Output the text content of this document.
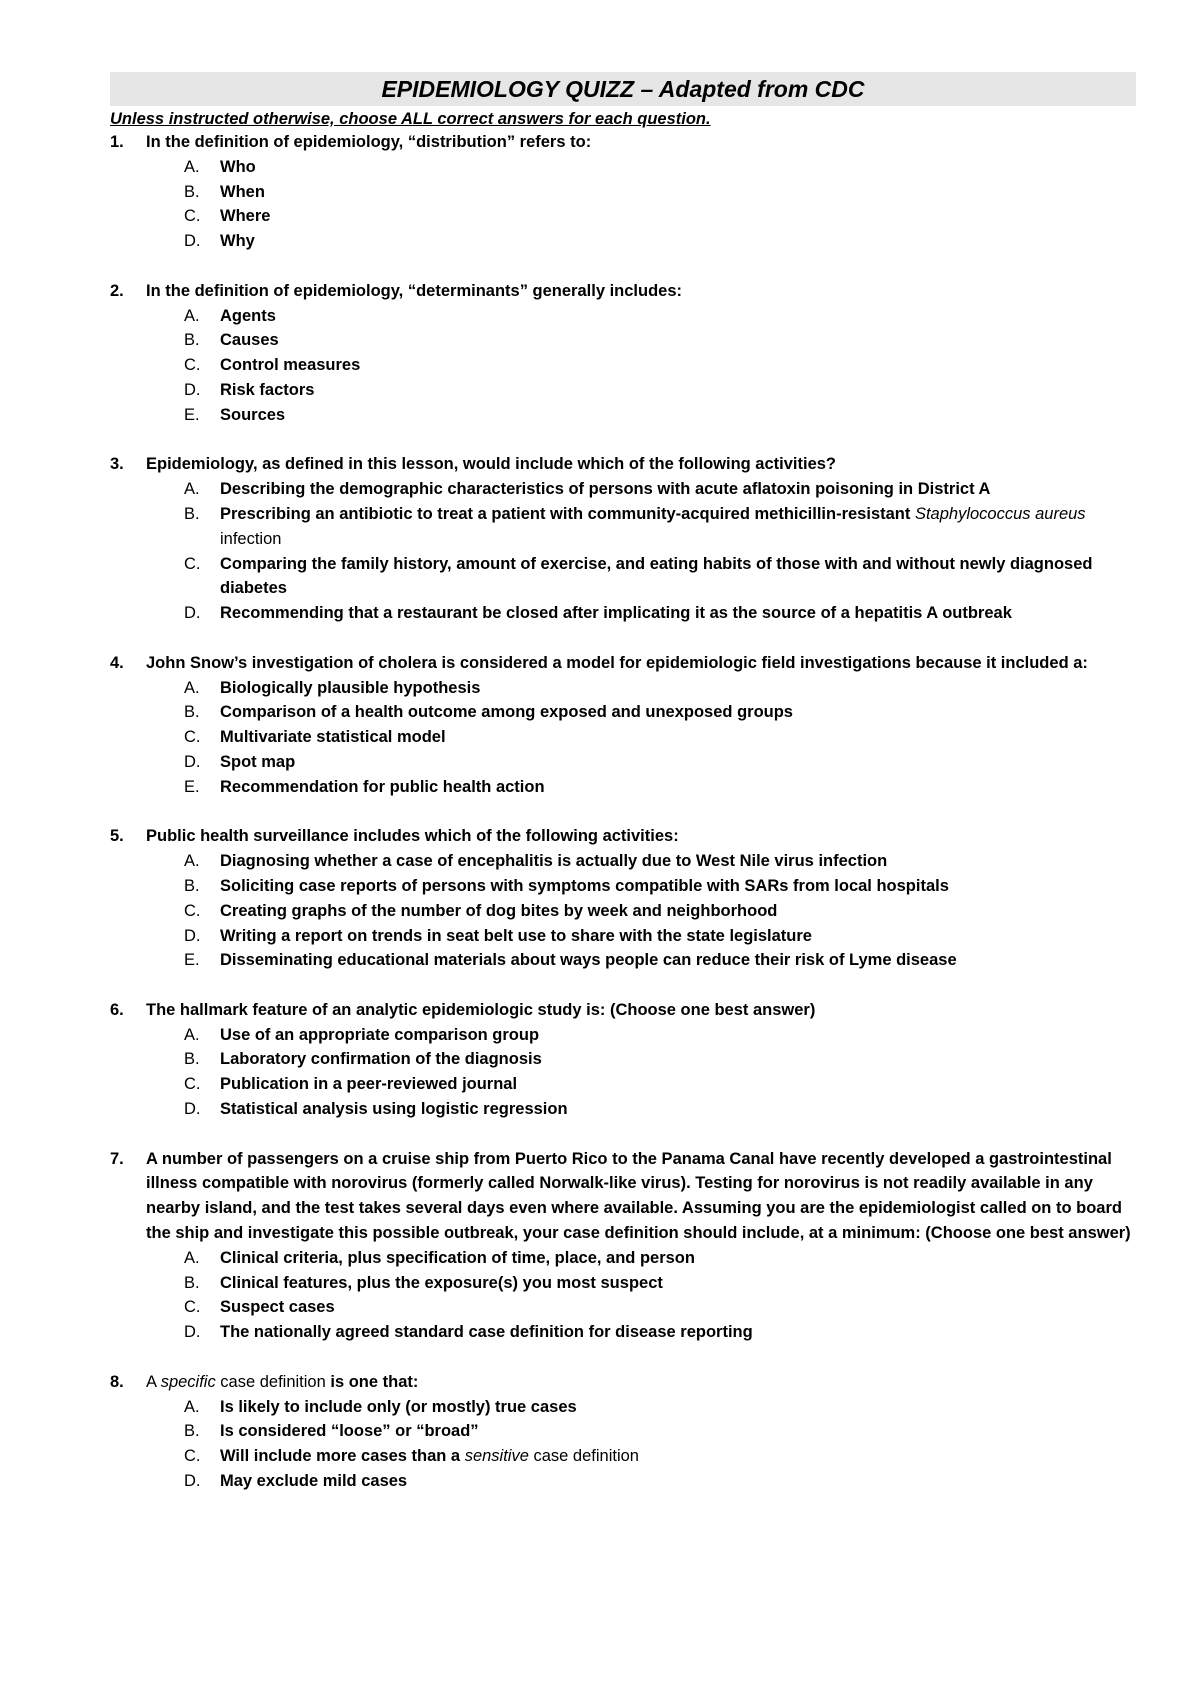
EPIDEMIOLOGY QUIZZ – Adapted from CDC
Unless instructed otherwise, choose ALL correct answers for each question.
1.	In the definition of epidemiology, “distribution” refers to:
A. Who
B. When
C. Where
D. Why
2.	In the definition of epidemiology, “determinants” generally includes:
A. Agents
B. Causes
C. Control measures
D. Risk factors
E. Sources
3.	Epidemiology, as defined in this lesson, would include which of the following activities?
A. Describing the demographic characteristics of persons with acute aflatoxin poisoning in District A
B. Prescribing an antibiotic to treat a patient with community-acquired methicillin-resistant Staphylococcus aureus infection
C. Comparing the family history, amount of exercise, and eating habits of those with and without newly diagnosed diabetes
D. Recommending that a restaurant be closed after implicating it as the source of a hepatitis A outbreak
4.	John Snow’s investigation of cholera is considered a model for epidemiologic field investigations because it included a:
A. Biologically plausible hypothesis
B. Comparison of a health outcome among exposed and unexposed groups
C. Multivariate statistical model
D. Spot map
E. Recommendation for public health action
5.	Public health surveillance includes which of the following activities:
A. Diagnosing whether a case of encephalitis is actually due to West Nile virus infection
B. Soliciting case reports of persons with symptoms compatible with SARs from local hospitals
C. Creating graphs of the number of dog bites by week and neighborhood
D. Writing a report on trends in seat belt use to share with the state legislature
E. Disseminating educational materials about ways people can reduce their risk of Lyme disease
6.	The hallmark feature of an analytic epidemiologic study is: (Choose one best answer)
A. Use of an appropriate comparison group
B. Laboratory confirmation of the diagnosis
C. Publication in a peer-reviewed journal
D. Statistical analysis using logistic regression
7.	A number of passengers on a cruise ship from Puerto Rico to the Panama Canal have recently developed a gastrointestinal illness compatible with norovirus (formerly called Norwalk-like virus). Testing for norovirus is not readily available in any nearby island, and the test takes several days even where available. Assuming you are the epidemiologist called on to board the ship and investigate this possible outbreak, your case definition should include, at a minimum: (Choose one best answer)
A. Clinical criteria, plus specification of time, place, and person
B. Clinical features, plus the exposure(s) you most suspect
C. Suspect cases
D. The nationally agreed standard case definition for disease reporting
8.	A specific case definition is one that:
A. Is likely to include only (or mostly) true cases
B. Is considered “loose” or “broad”
C. Will include more cases than a sensitive case definition
D. May exclude mild cases
